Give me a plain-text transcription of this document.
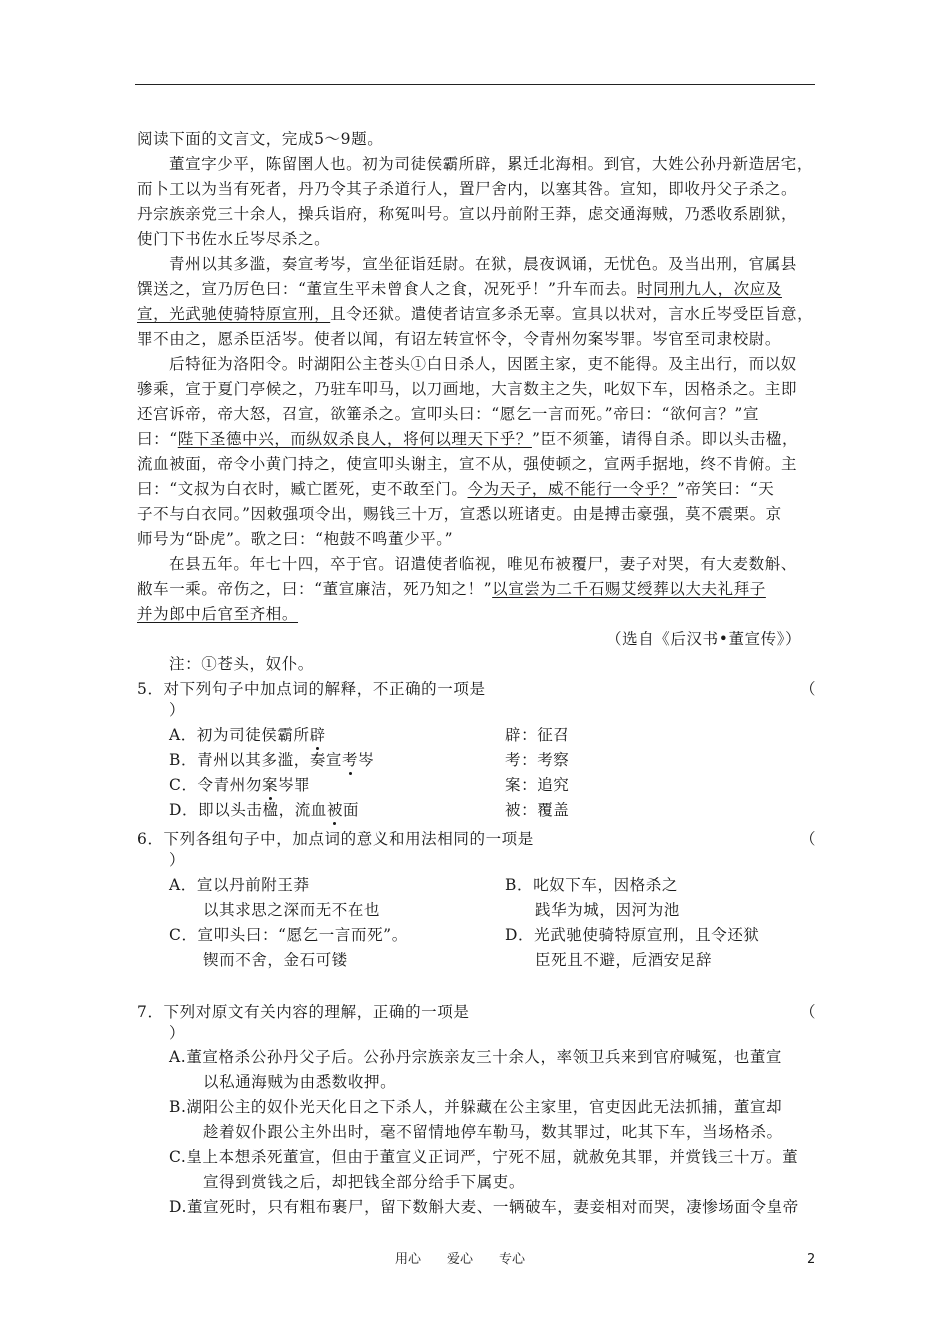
阅读下面的文言文，完成5～9题。
董宣字少平，陈留圉人也。初为司徒侯霸所辟，累迁北海相。到官，大姓公孙丹新造居宅，
而卜工以为当有死者，丹乃令其子杀道行人，置尸舍内，以塞其咎。宣知，即收丹父子杀之。
丹宗族亲党三十余人，操兵诣府，称冤叫号。宣以丹前附王莽，虑交通海贼，乃悉收系剧狱，
使门下书佐水丘岑尽杀之。
青州以其多滥，奏宣考岑，宣坐征诣廷尉。在狱，晨夜讽诵，无忧色。及当出刑，官属县
馔送之，宣乃厉色曰：“董宣生平未曾食人之食，况死乎！”升车而去。时同刑九人，次应及
宣，光武驰使骑特原宣刑，且令还狱。遣使者诘宣多杀无辜。宣具以状对，言水丘岑受臣旨意，
罪不由之，愿杀臣活岑。使者以闻，有诏左转宣怀令，令青州勿案岑罪。岑官至司隶校尉。
后特征为洛阳令。时湖阳公主苍头①白日杀人，因匿主家，吏不能得。及主出行，而以奴
骖乘，宣于夏门亭候之，乃驻车叩马，以刀画地，大言数主之失，叱奴下车，因格杀之。主即
还宫诉帝，帝大怒，召宣，欲箠杀之。宣叩头曰：“愿乞一言而死。”帝曰：“欲何言？”宣
曰：“陛下圣德中兴，而纵奴杀良人，将何以理天下乎？”臣不须箠，请得自杀。即以头击楹，
流血被面，帝令小黄门持之，使宣叩头谢主，宣不从，强使顿之，宣两手据地，终不肯俯。主
曰：“文叔为白衣时，臧亡匿死，吏不敢至门。今为天子，威不能行一令乎？”帝笑曰：“天
子不与白衣同。”因敕强项令出，赐钱三十万，宣悉以班诸吏。由是搏击豪强，莫不震栗。京
师号为“卧虎”。歌之曰：“枹鼓不鸣董少平。”
在县五年。年七十四，卒于官。诏遣使者临视，唯见布被覆尸，妻子对哭，有大麦数斛、
敝车一乘。帝伤之，曰：“董宣廉洁，死乃知之！”以宣尝为二千石赐艾绶葬以大夫礼拜子
并为郎中后官至齐相。
（选自《后汉书•董宣传》）
注：①苍头，奴仆。
5．对下列句子中加点词的解释，不正确的一项是	（
）
A．初为司徒侯霸所辟	辟：征召
B．青州以其多滥，奏宣考岑	考：考察
C．令青州勿案岑罪	案：追究
D．即以头击楹，流血被面	被：覆盖
6．下列各组句子中，加点词的意义和用法相同的一项是	（
）
A．宣以丹前附王莽
以其求思之深而无不在也
B．叱奴下车，因格杀之
践华为城，因河为池
C．宣叩头曰：“愿乞一言而死”。
锲而不舍，金石可镂
D．光武驰使骑特原宣刑，且令还狱
臣死且不避，卮酒安足辞
7．下列对原文有关内容的理解，正确的一项是	（
）
A.董宣格杀公孙丹父子后。公孙丹宗族亲友三十余人，率领卫兵来到官府喊冤，也董宣
以私通海贼为由悉数收押。
B.湖阳公主的奴仆光天化日之下杀人，并躲藏在公主家里，官吏因此无法抓捕，董宣却
趁着奴仆跟公主外出时，毫不留情地停车勒马，数其罪过，叱其下车，当场格杀。
C.皇上本想杀死董宣，但由于董宣义正词严，宁死不屈，就赦免其罪，并赏钱三十万。董
宣得到赏钱之后，却把钱全部分给手下属吏。
D.董宣死时，只有粗布裹尸，留下数斛大麦、一辆破车，妻妾相对而哭，凄惨场面令皇帝
用心 爱心 专心	2
